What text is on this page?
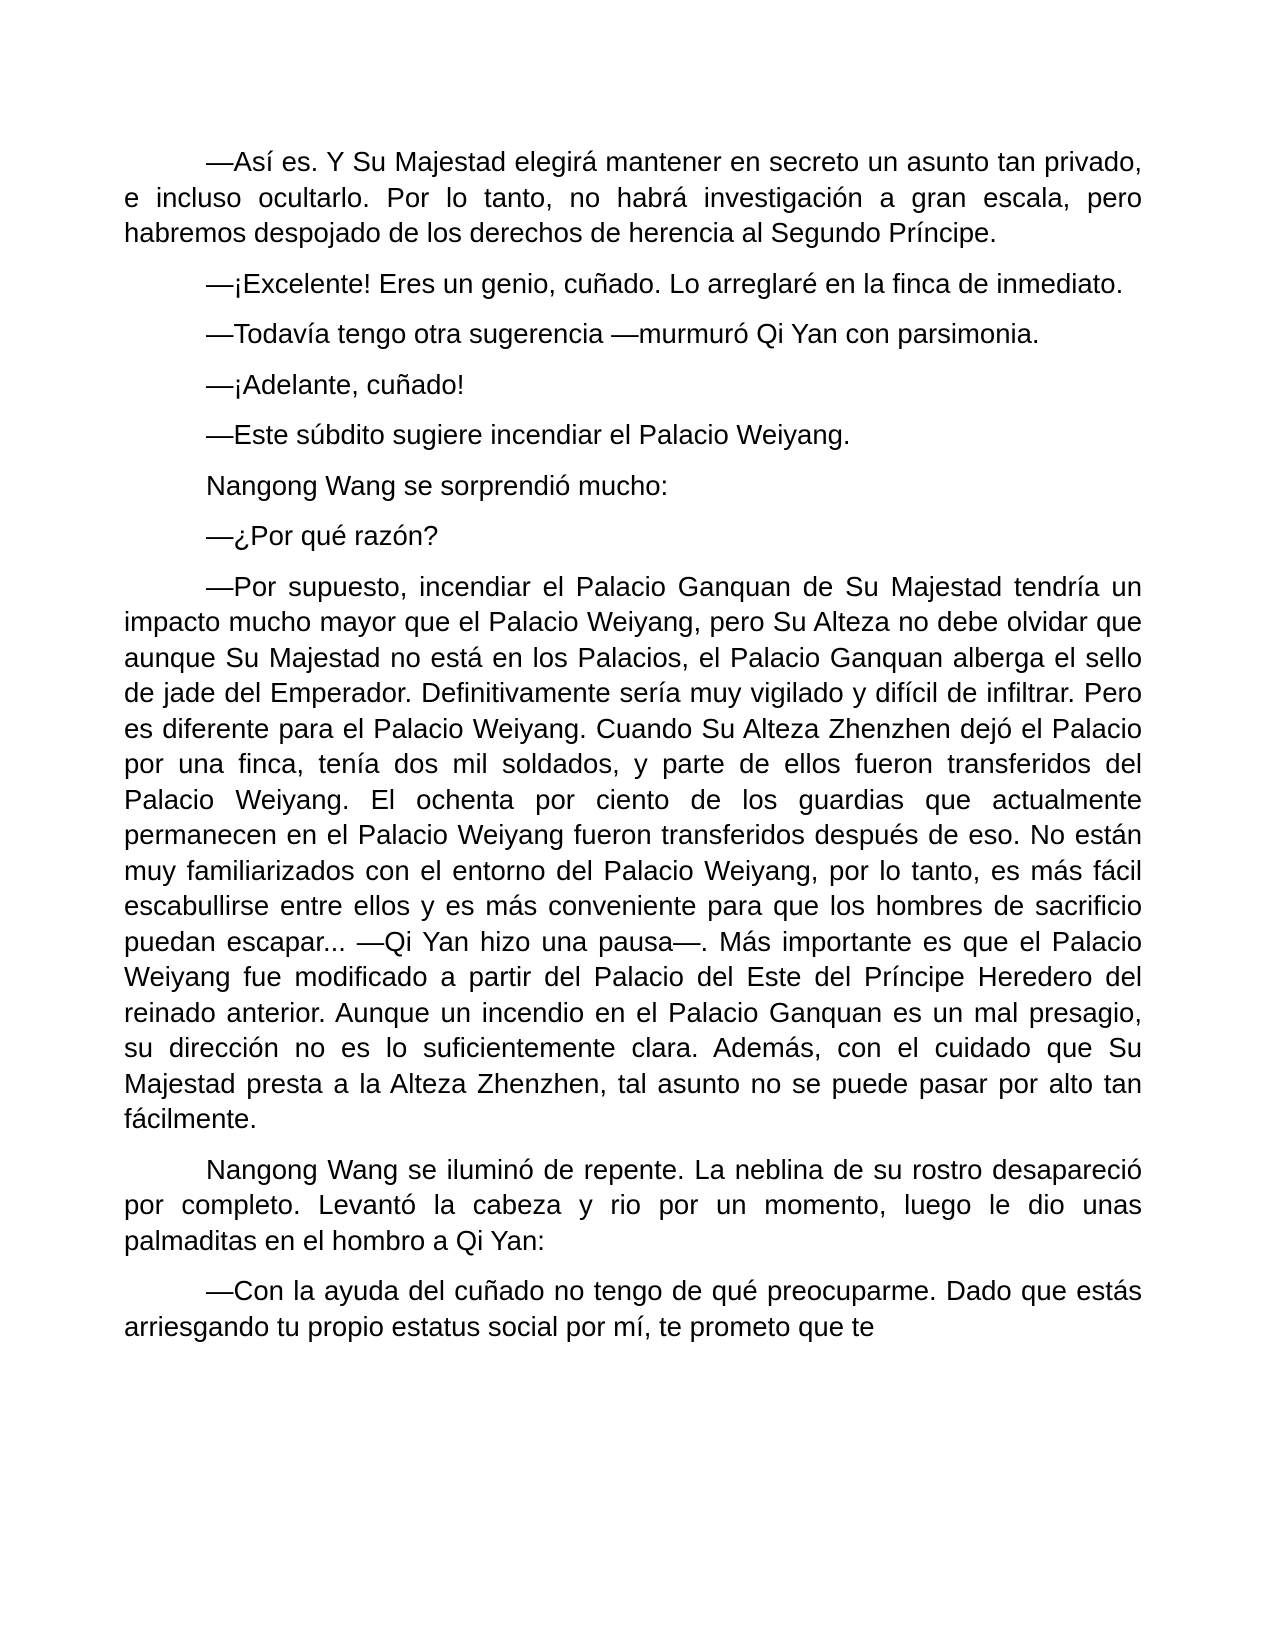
—Así es. Y Su Majestad elegirá mantener en secreto un asunto tan privado, e incluso ocultarlo. Por lo tanto, no habrá investigación a gran escala, pero habremos despojado de los derechos de herencia al Segundo Príncipe.

—¡Excelente! Eres un genio, cuñado. Lo arreglaré en la finca de inmediato.

—Todavía tengo otra sugerencia —murmuró Qi Yan con parsimonia.

—¡Adelante, cuñado!

—Este súbdito sugiere incendiar el Palacio Weiyang.

Nangong Wang se sorprendió mucho:

—¿Por qué razón?

—Por supuesto, incendiar el Palacio Ganquan de Su Majestad tendría un impacto mucho mayor que el Palacio Weiyang, pero Su Alteza no debe olvidar que aunque Su Majestad no está en los Palacios, el Palacio Ganquan alberga el sello de jade del Emperador. Definitivamente sería muy vigilado y difícil de infiltrar. Pero es diferente para el Palacio Weiyang. Cuando Su Alteza Zhenzhen dejó el Palacio por una finca, tenía dos mil soldados, y parte de ellos fueron transferidos del Palacio Weiyang. El ochenta por ciento de los guardias que actualmente permanecen en el Palacio Weiyang fueron transferidos después de eso. No están muy familiarizados con el entorno del Palacio Weiyang, por lo tanto, es más fácil escabullirse entre ellos y es más conveniente para que los hombres de sacrificio puedan escapar... —Qi Yan hizo una pausa—. Más importante es que el Palacio Weiyang fue modificado a partir del Palacio del Este del Príncipe Heredero del reinado anterior. Aunque un incendio en el Palacio Ganquan es un mal presagio, su dirección no es lo suficientemente clara. Además, con el cuidado que Su Majestad presta a la Alteza Zhenzhen, tal asunto no se puede pasar por alto tan fácilmente.

Nangong Wang se iluminó de repente. La neblina de su rostro desapareció por completo. Levantó la cabeza y rio por un momento, luego le dio unas palmaditas en el hombro a Qi Yan:

—Con la ayuda del cuñado no tengo de qué preocuparme. Dado que estás arriesgando tu propio estatus social por mí, te prometo que te
